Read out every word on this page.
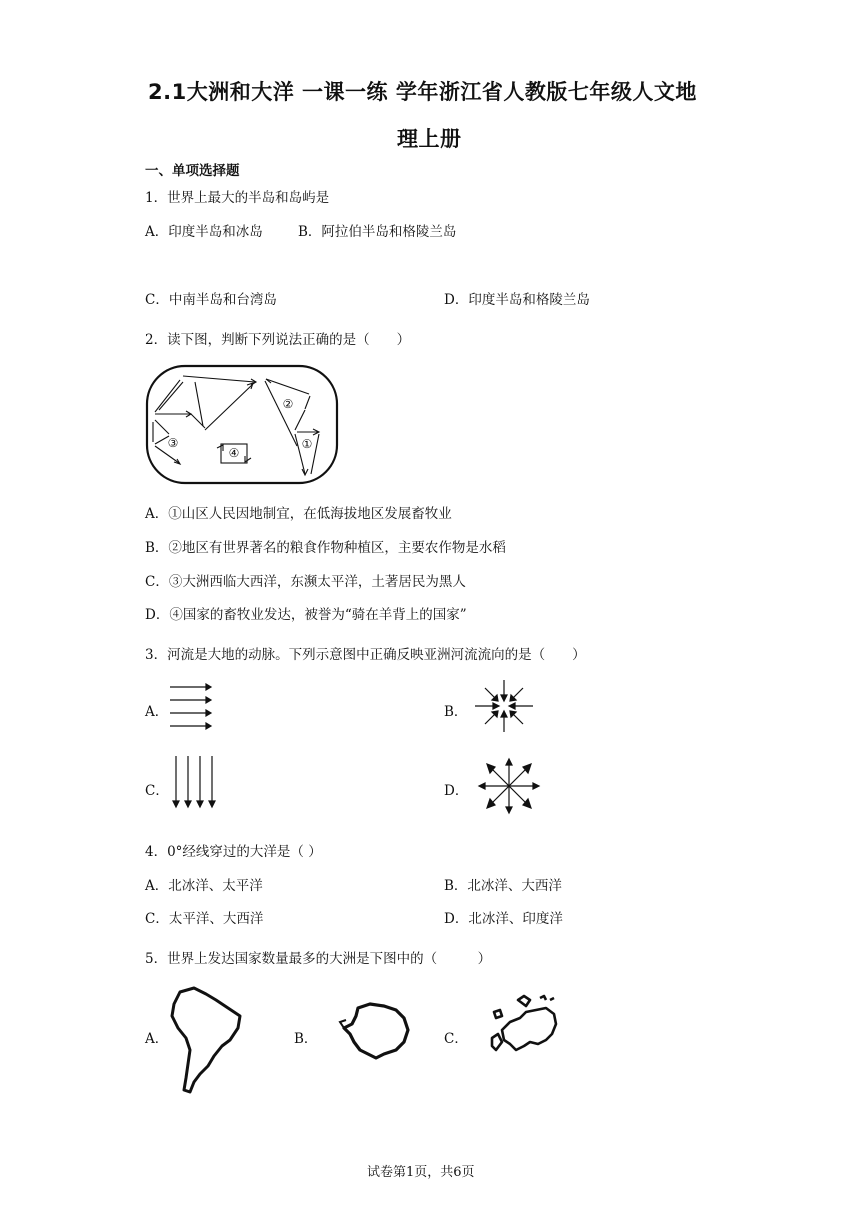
2.1大洲和大洋 一课一练 学年浙江省人教版七年级人文地
理上册
一、单项选择题
1．世界上最大的半岛和岛屿是
A．印度半岛和冰岛	B．阿拉伯半岛和格陵兰岛
C．中南半岛和台湾岛	D．印度半岛和格陵兰岛
2．读下图，判断下列说法正确的是（　　）
②
③	①
④
A．①山区人民因地制宜，在低海拔地区发展畜牧业
B．②地区有世界著名的粮食作物种植区，主要农作物是水稻
C．③大洲西临大西洋，东濒太平洋，土著居民为黑人
D．④国家的畜牧业发达，被誉为“骑在羊背上的国家”
3．河流是大地的动脉。下列示意图中正确反映亚洲河流流向的是（　　）
A．	B．
C．	D．
4．0°经线穿过的大洋是（ ）
A．北冰洋、太平洋	B．北冰洋、大西洋
C．太平洋、大西洋	D．北冰洋、印度洋
5．世界上发达国家数量最多的大洲是下图中的（　　　）
A．	B．	C．
试卷第1页，共6页
